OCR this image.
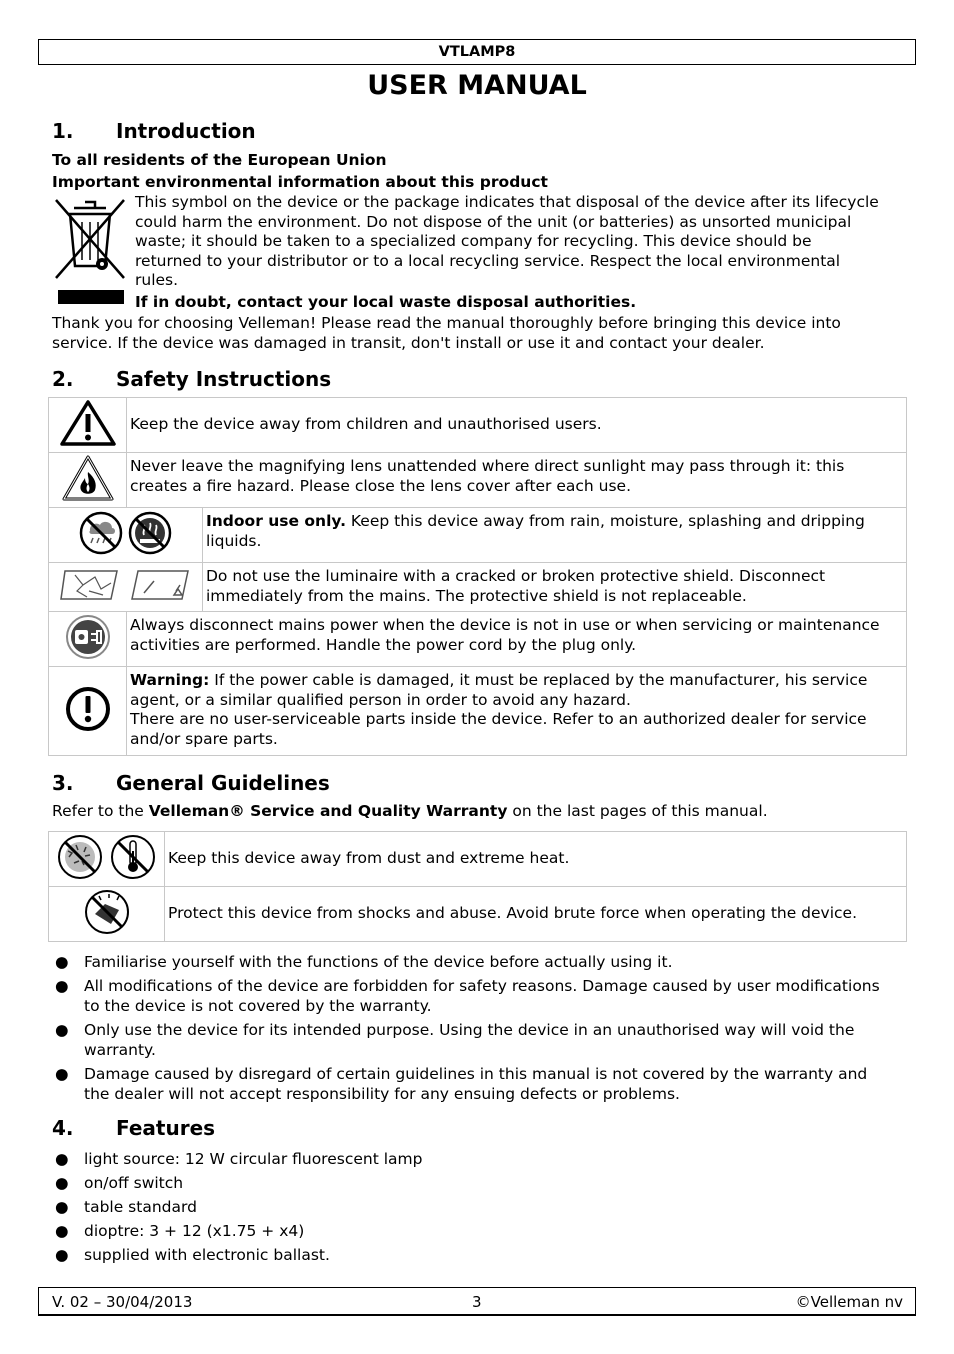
VTLAMP8
USER MANUAL
1. Introduction
To all residents of the European Union
Important environmental information about this product
This symbol on the device or the package indicates that disposal of the device after its lifecycle
could harm the environment. Do not dispose of the unit (or batteries) as unsorted municipal
waste; it should be taken to a specialized company for recycling. This device should be
returned to your distributor or to a local recycling service. Respect the local environmental
rules.
If in doubt, contact your local waste disposal authorities.
Thank you for choosing Velleman! Please read the manual thoroughly before bringing this device into
service. If the device was damaged in transit, don't install or use it and contact your dealer.
2. Safety Instructions

Keep the device away from children and unauthorised users.

Never leave the magnifying lens unattended where direct sunlight may pass through it: this
creates a fire hazard. Please close the lens cover after each use.

Indoor use only. Keep this device away from rain, moisture, splashing and dripping
liquids.

Do not use the luminaire with a cracked or broken protective shield. Disconnect
immediately from the mains. The protective shield is not replaceable.

Always disconnect mains power when the device is not in use or when servicing or maintenance
activities are performed. Handle the power cord by the plug only.

Warning: If the power cable is damaged, it must be replaced by the manufacturer, his service
agent, or a similar qualified person in order to avoid any hazard.
There are no user-serviceable parts inside the device. Refer to an authorized dealer for service
and/or spare parts.
3. General Guidelines
Refer to the Velleman® Service and Quality Warranty on the last pages of this manual.
	Keep this device away from dust and extreme heat.
	Protect this device from shocks and abuse. Avoid brute force when operating the device.
● Familiarise yourself with the functions of the device before actually using it.
● All modifications of the device are forbidden for safety reasons. Damage caused by user modifications
to the device is not covered by the warranty.
● Only use the device for its intended purpose. Using the device in an unauthorised way will void the
warranty.
● Damage caused by disregard of certain guidelines in this manual is not covered by the warranty and
the dealer will not accept responsibility for any ensuing defects or problems.
4. Features
● light source: 12 W circular fluorescent lamp
● on/off switch
● table standard
● dioptre: 3 + 12 (x1.75 + x4)
● supplied with electronic ballast.
V. 02 – 30/04/2013	3	©Velleman nv
